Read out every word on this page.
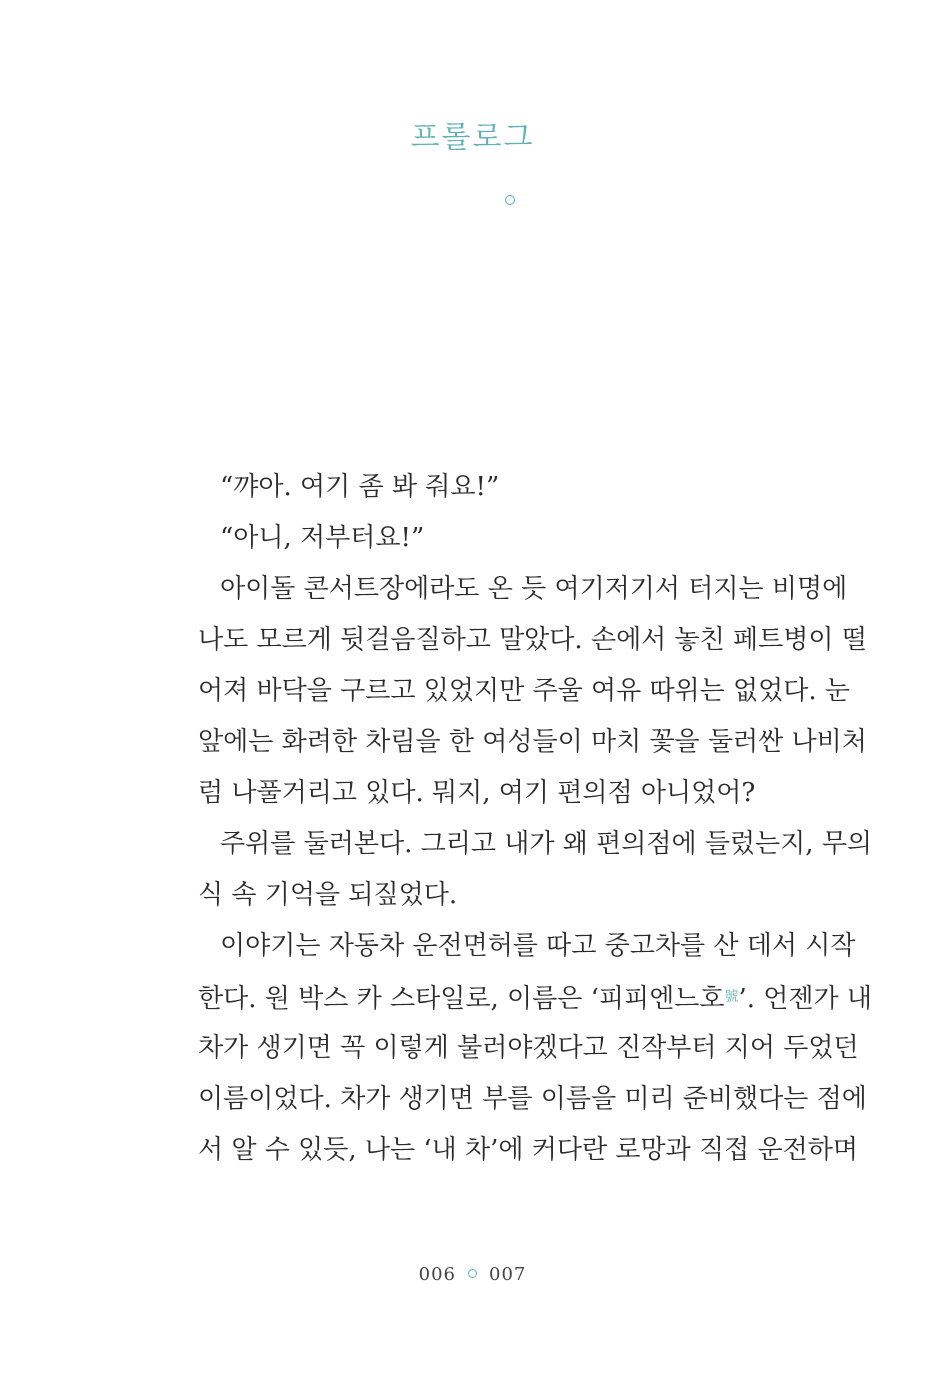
프롤로그
“꺄아. 여기 좀 봐 줘요!”
“아니, 저부터요!”
아이돌 콘서트장에라도 온 듯 여기저기서 터지는 비명에
나도 모르게 뒷걸음질하고 말았다. 손에서 놓친 페트병이 떨
어져 바닥을 구르고 있었지만 주울 여유 따위는 없었다. 눈
앞에는 화려한 차림을 한 여성들이 마치 꽃을 둘러싼 나비처
럼 나풀거리고 있다. 뭐지, 여기 편의점 아니었어?
주위를 둘러본다. 그리고 내가 왜 편의점에 들렀는지, 무의
식 속 기억을 되짚었다.
이야기는 자동차 운전면허를 따고 중고차를 산 데서 시작
한다. 원 박스 카 스타일로, 이름은 ‘피피엔느호$^號$’. 언젠가 내
차가 생기면 꼭 이렇게 불러야겠다고 진작부터 지어 두었던
이름이었다. 차가 생기면 부를 이름을 미리 준비했다는 점에
서 알 수 있듯, 나는 ‘내 차’에 커다란 로망과 직접 운전하며
006 007
